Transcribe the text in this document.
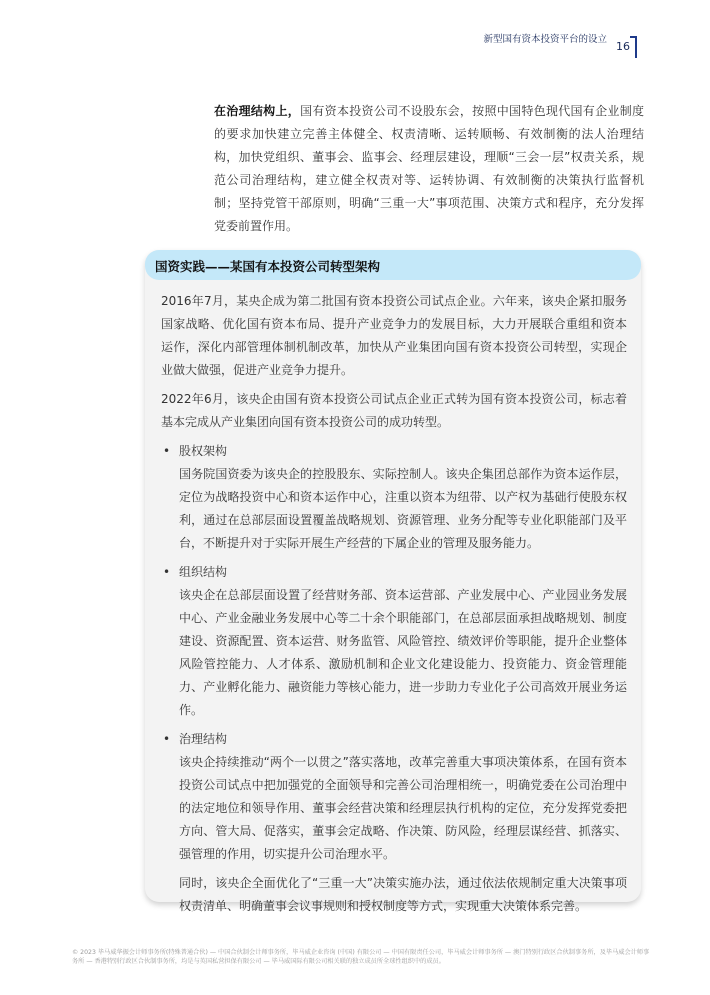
新型国有资本投资平台的设立
16
在治理结构上，国有资本投资公司不设股东会，按照中国特色现代国有企业制度的要求加快建立完善主体健全、权责清晰、运转顺畅、有效制衡的法人治理结构，加快党组织、董事会、监事会、经理层建设，理顺“三会一层”权责关系，规范公司治理结构，建立健全权责对等、运转协调、有效制衡的决策执行监督机制；坚持党管干部原则，明确“三重一大”事项范围、决策方式和程序，充分发挥党委前置作用。
国资实践——某国有本投资公司转型架构

2016年7月，某央企成为第二批国有资本投资公司试点企业。六年来，该央企紧扣服务国家战略、优化国有资本布局、提升产业竞争力的发展目标，大力开展联合重组和资本运作，深化内部管理体制机制改革，加快从产业集团向国有资本投资公司转型，实现企业做大做强，促进产业竞争力提升。

2022年6月，该央企由国有资本投资公司试点企业正式转为国有资本投资公司，标志着基本完成从产业集团向国有资本投资公司的成功转型。

• 股权架构

国务院国资委为该央企的控股股东、实际控制人。该央企集团总部作为资本运作层，定位为战略投资中心和资本运作中心，注重以资本为纽带、以产权为基础行使股东权利，通过在总部层面设置覆盖战略规划、资源管理、业务分配等专业化职能部门及平台，不断提升对于实际开展生产经营的下属企业的管理及服务能力。

• 组织结构

该央企在总部层面设置了经营财务部、资本运营部、产业发展中心、产业园业务发展中心、产业金融业务发展中心等二十余个职能部门，在总部层面承担战略规划、制度建设、资源配置、资本运营、财务监管、风险管控、绩效评价等职能，提升企业整体风险管控能力、人才体系、激励机制和企业文化建设能力、投资能力、资金管理能力、产业孵化能力、融资能力等核心能力，进一步助力专业化子公司高效开展业务运作。

• 治理结构

该央企持续推动“两个一以贯之”落实落地，改革完善重大事项决策体系，在国有资本投资公司试点中把加强党的全面领导和完善公司治理相统一，明确党委在公司治理中的法定地位和领导作用、董事会经营决策和经理层执行机构的定位，充分发挥党委把方向、管大局、促落实，董事会定战略、作决策、防风险，经理层谋经营、抓落实、强管理的作用，切实提升公司治理水平。

同时，该央企全面优化了“三重一大”决策实施办法，通过依法依规制定重大决策事项权责清单、明确董事会议事规则和授权制度等方式，实现重大决策体系完善。

© 2023 毕马威华振会计师事务所(特殊普通合伙) — 中国合伙制会计师事务所，毕马威企业咨询 (中国) 有限公司 — 中国有限责任公司，毕马威会计师事务所 — 澳门特别行政区合伙制事务所，及毕马威会计师事务所 — 香港特别行政区合伙制事务所，均是与英国私营担保有限公司 — 毕马威国际有限公司相关联的独立成员所全球性组织中的成员。
